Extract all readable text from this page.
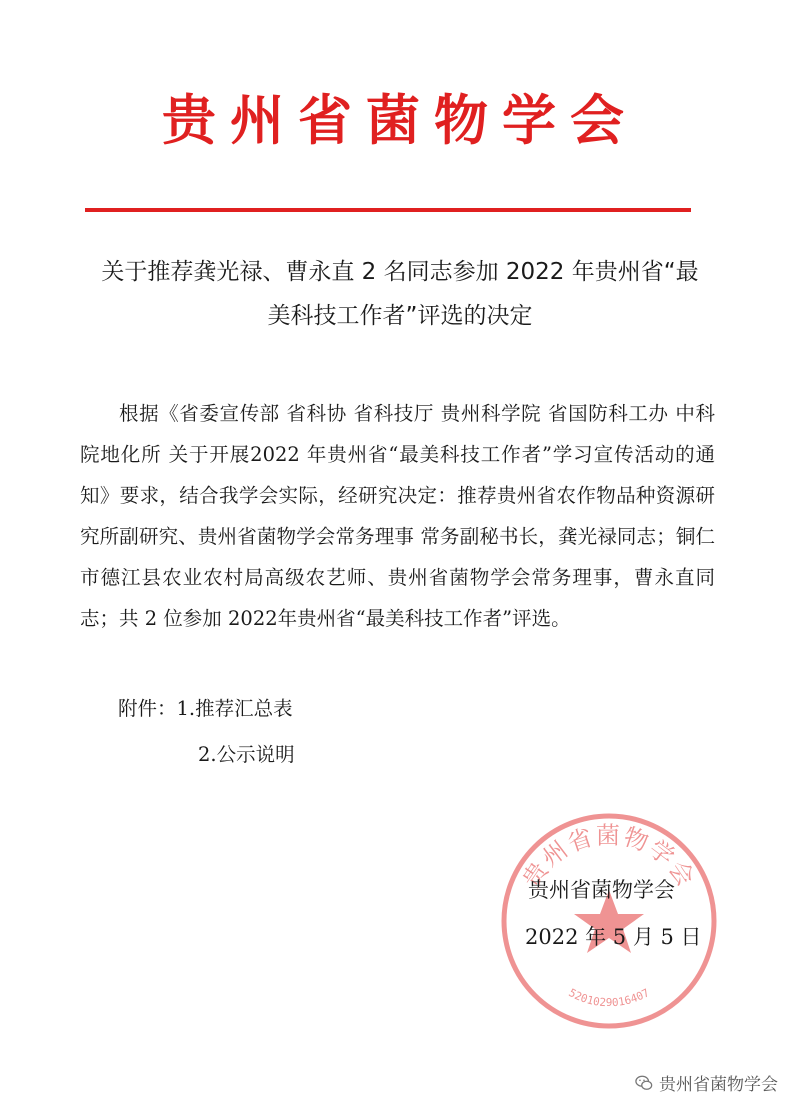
贵州省菌物学会
关于推荐龚光禄、曹永直 2 名同志参加 2022 年贵州省“最
美科技工作者”评选的决定

根据《省委宣传部 省科协 省科技厅 贵州科学院 省国防科工办 中科院地化所 关于开展2022 年贵州省“最美科技工作者”学习宣传活动的通知》要求，结合我学会实际，经研究决定：推荐贵州省农作物品种资源研究所副研究、贵州省菌物学会常务理事 常务副秘书长，龚光禄同志；铜仁市德江县农业农村局高级农艺师、贵州省菌物学会常务理事，曹永直同志；共 2 位参加 2022年贵州省“最美科技工作者”评选。

附件：1.推荐汇总表
2.公示说明
贵州省菌物学会
5201029016407
贵州省菌物学会
2022 年 5 月 5 日
贵州省菌物学会
